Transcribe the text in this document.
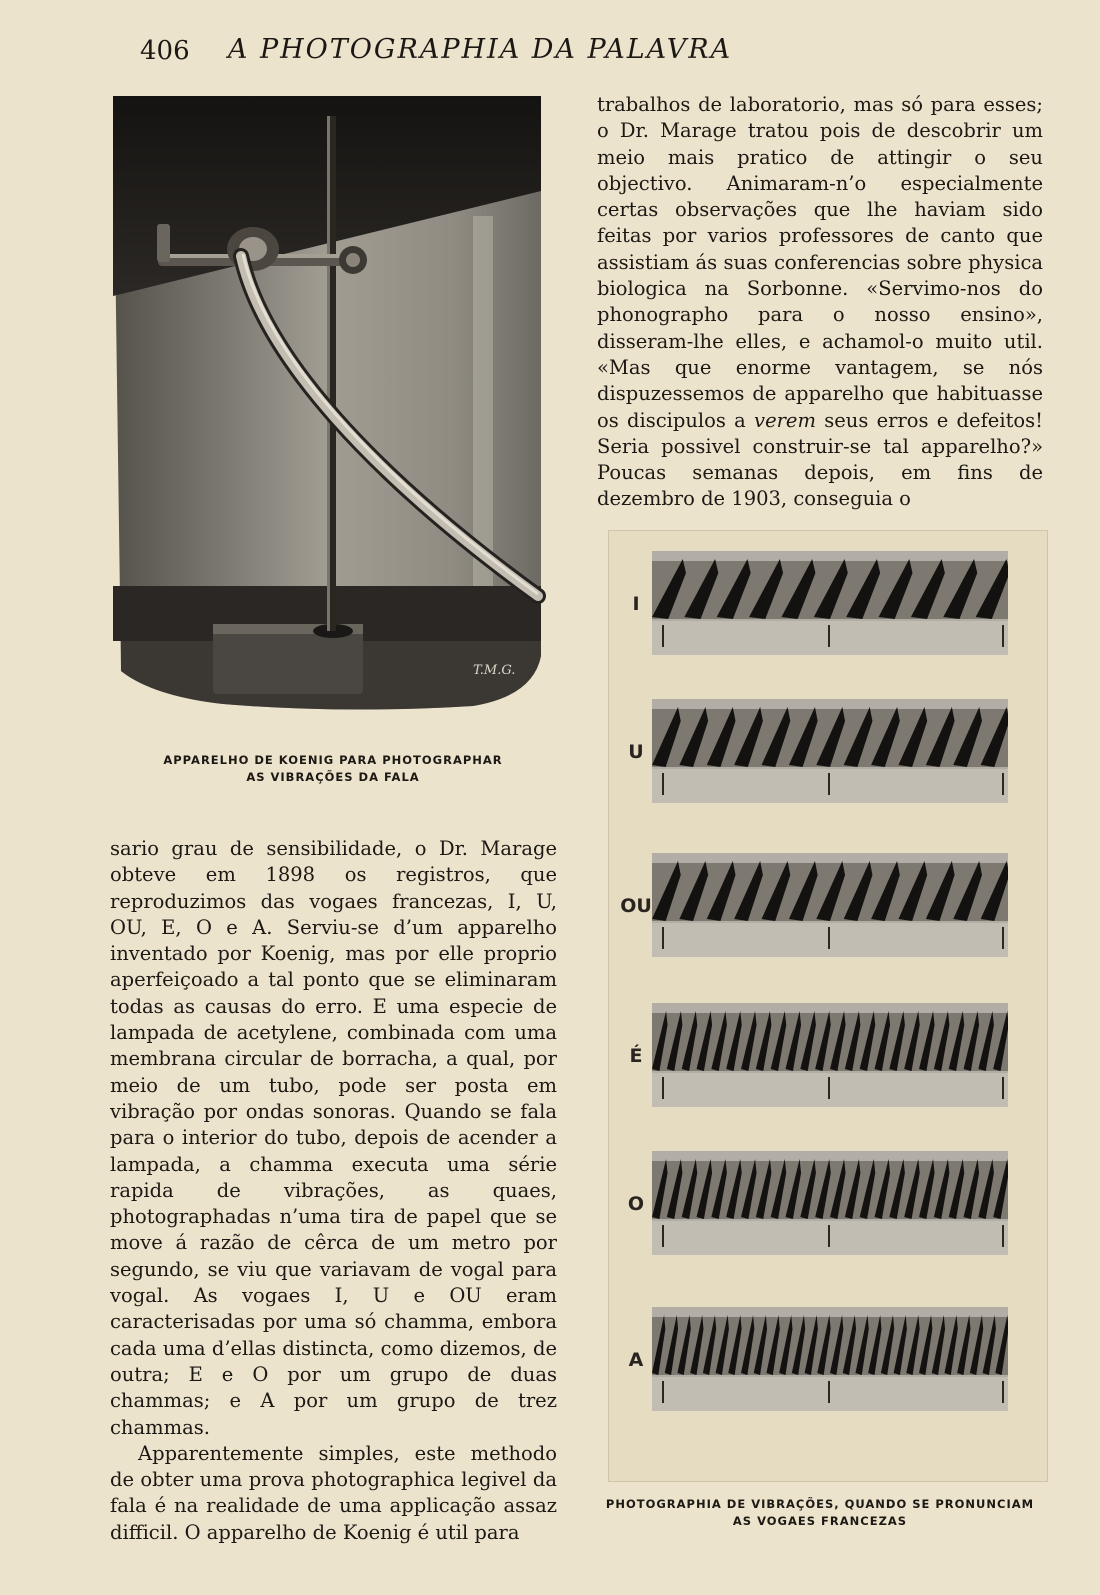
406	A PHOTOGRAPHIA DA PALAVRA
T.M.G.
APPARELHO DE KOENIG PARA PHOTOGRAPHAR
AS VIBRAÇÕES DA FALA

trabalhos de laboratorio, mas só para esses; o Dr. Marage tratou pois de descobrir um meio mais pratico de attingir o seu objectivo. Animaram-n’o especialmente certas observações que lhe haviam sido feitas por varios professores de canto que assistiam ás suas conferencias sobre physica biologica na Sorbonne. «Servimo-nos do phonographo para o nosso ensino», disseram-lhe elles, e achamol-o muito util. «Mas que enorme vantagem, se nós dispuzessemos de apparelho que habituasse os discipulos a verem seus erros e defeitos! Seria possivel construir-se tal apparelho?» Poucas semanas depois, em fins de dezembro de 1903, conseguia o

I
U
OU
É
O
A
PHOTOGRAPHIA DE VIBRAÇÕES, QUANDO SE PRONUNCIAM
AS VOGAES FRANCEZAS

sario grau de sensibilidade, o Dr. Marage obteve em 1898 os registros, que reproduzimos das vogaes francezas, I, U, OU, E, O e A. Serviu-se d’um apparelho inventado por Koenig, mas por elle proprio aperfeiçoado a tal ponto que se eliminaram todas as causas do erro. E uma especie de lampada de acetylene, combinada com uma membrana circular de borracha, a qual, por meio de um tubo, pode ser posta em vibração por ondas sonoras. Quando se fala para o interior do tubo, depois de acender a lampada, a chamma executa uma série rapida de vibrações, as quaes, photographadas n’uma tira de papel que se move á razão de cêrca de um metro por segundo, se viu que variavam de vogal para vogal. As vogaes I, U e OU eram caracterisadas por uma só chamma, embora cada uma d’ellas distincta, como dizemos, de outra; E e O por um grupo de duas chammas; e A por um grupo de trez chammas.

Apparentemente simples, este methodo de obter uma prova photographica legivel da fala é na realidade de uma applicação assaz difficil. O apparelho de Koenig é util para
